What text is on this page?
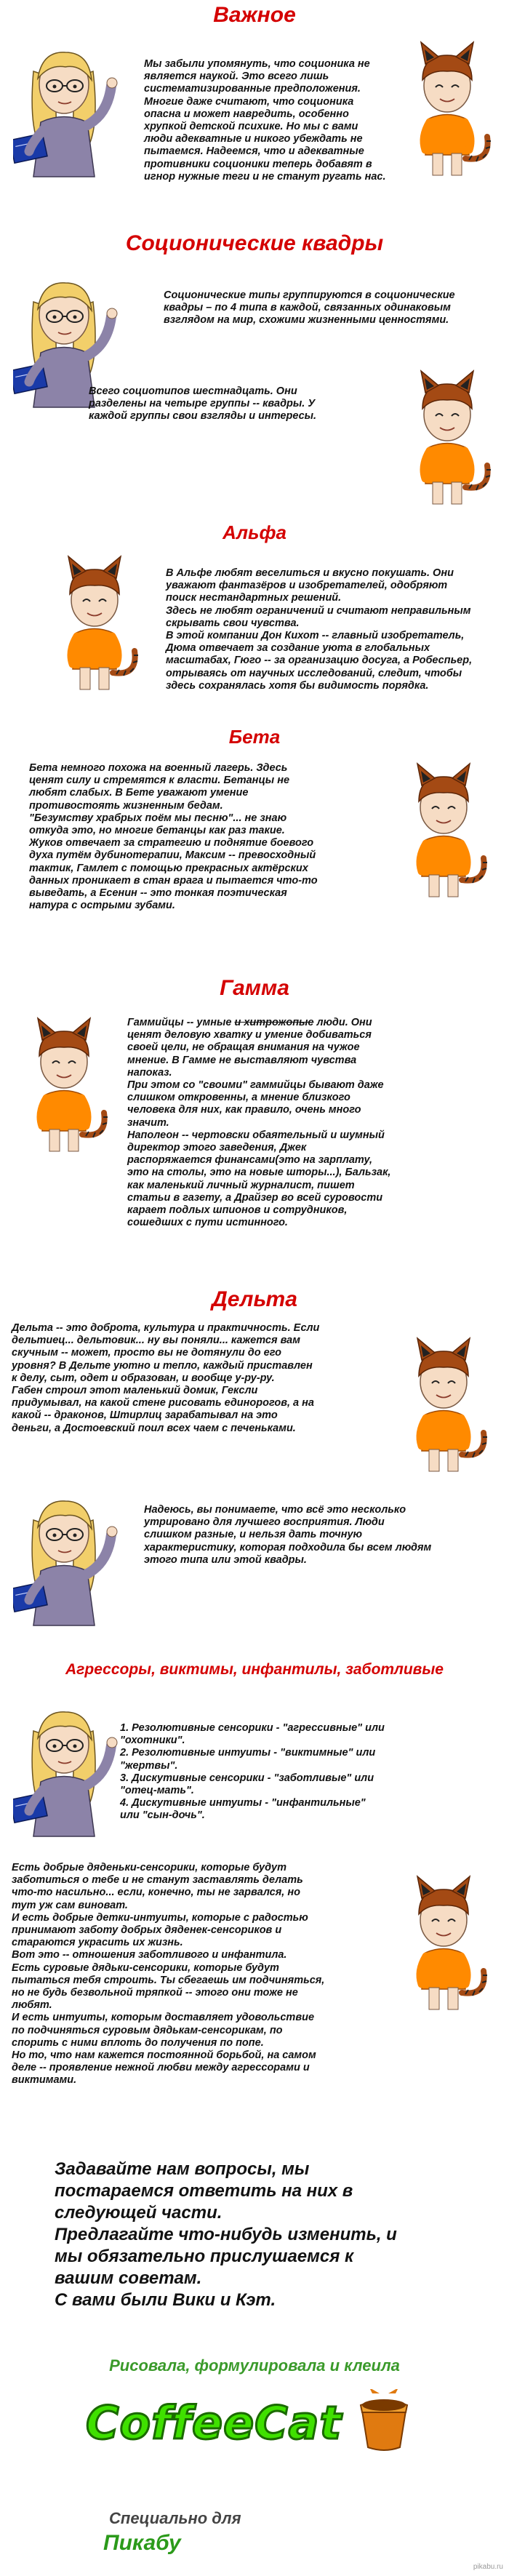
Важное
Мы забыли упомянуть, что соционика не
является наукой. Это всего лишь
систематизированные предположения.
Многие даже считают, что соционика
опасна и может навредить, особенно
хрупкой детской психике. Но мы с вами
люди адекватные и никого убеждать не
пытаемся. Надеемся, что и адекватные
противники соционики теперь добавят в
игнор нужные теги и не станут ругать нас.
Соционические квадры
Соционические типы группируются в соционические
квадры – по 4 типа в каждой, связанных одинаковым
взглядом на мир, схожими жизненными ценностями.
Всего социотипов шестнадцать. Они
разделены на четыре группы -- квадры. У
каждой группы свои взгляды и интересы.
Альфа
В Альфе любят веселиться и вкусно покушать. Они
уважают фантазёров и изобретателей, одобряют
поиск нестандартных решений.
Здесь не любят ограничений и считают неправильным
скрывать свои чувства.
В этой компании Дон Кихот -- главный изобретатель,
Дюма отвечает за создание уюта в глобальных
масштабах, Гюго -- за организацию досуга, а Робеспьер,
отрываясь от научных исследований, следит, чтобы
здесь сохранялась хотя бы видимость порядка.
Бета
Бета немного похожа на военный лагерь. Здесь
ценят силу и стремятся к власти. Бетанцы не
любят слабых. В Бете уважают умение
противостоять жизненным бедам.
"Безумству храбрых поём мы песню"... не знаю
откуда это, но многие бетанцы как раз такие.
Жуков отвечает за стратегию и поднятие боевого
духа путём дубинотерапии, Максим -- превосходный
тактик, Гамлет с помощью прекрасных актёрских
данных проникает в стан врага и пытается что-то
выведать, а Есенин -- это тонкая поэтическая
натура с острыми зубами.
Гамма
Гаммийцы -- умные и хитрожопые люди. Они
ценят деловую хватку и умение добиваться
своей цели, не обращая внимания на чужое
мнение. В Гамме не выставляют чувства
напоказ.
При этом со "своими" гаммийцы бывают даже
слишком откровенны, а мнение близкого
человека для них, как правило, очень много
значит.
Наполеон -- чертовски обаятельный и шумный
директор этого заведения, Джек
распоряжается финансами(это на зарплату,
это на столы, это на новые шторы...), Бальзак,
как маленький личный журналист, пишет
статьи в газету, а Драйзер во всей суровости
карает подлых шпионов и сотрудников,
сошедших с пути истинного.
Дельта
Дельта -- это доброта, культура и практичность. Если
дельтиец... дельтовик... ну вы поняли... кажется вам
скучным -- может, просто вы не дотянули до его
уровня? В Дельте уютно и тепло, каждый приставлен
к делу, сыт, одет и образован, и вообще у-ру-ру.
Габен строил этот маленький домик, Гексли
придумывал, на какой стене рисовать единорогов, а на
какой -- драконов, Штирлиц зарабатывал на это
деньги, а Достоевский поил всех чаем с печеньками.
Надеюсь, вы понимаете, что всё это несколько
утрировано для лучшего восприятия. Люди
слишком разные, и нельзя дать точную
характеристику, которая подходила бы всем людям
этого типа или этой квадры.
Агрессоры, виктимы, инфантилы, заботливые
1. Резолютивные сенсорики - "агрессивные" или
"охотники".
2. Резолютивные интуиты - "виктимные" или
"жертвы".
3. Дискутивные сенсорики - "заботливые" или
"отец-мать".
4. Дискутивные интуиты - "инфантильные"
или "сын-дочь".
Есть добрые дяденьки-сенсорики, которые будут
заботиться о тебе и не станут заставлять делать
что-то насильно... если, конечно, ты не зарвался, но
тут уж сам виноват.
И есть добрые детки-интуиты, которые с радостью
принимают заботу добрых дяденек-сенсориков и
стараются украсить их жизнь.
Вот это -- отношения заботливого и инфантила.
Есть суровые дядьки-сенсорики, которые будут
пытаться тебя строить. Ты сбегаешь им подчиняться,
но не будь безвольной тряпкой -- этого они тоже не
любят.
И есть интуиты, которым доставляет удовольствие
по подчиняться суровым дядькам-сенсорикам, по
спорить с ними вплоть до получения по попе.
Но то, что нам кажется постоянной борьбой, на самом
деле -- проявление нежной любви между агрессорами и
виктимами.
Задавайте нам вопросы, мы
постараемся ответить на них в
следующей части.
Предлагайте что-нибудь изменить, и
мы обязательно прислушаемся к
вашим советам.
С вами были Вики и Кэт.
Рисовала, формулировала и клеила
CoffeeCat
Специально для
Пикабу
pikabu.ru
